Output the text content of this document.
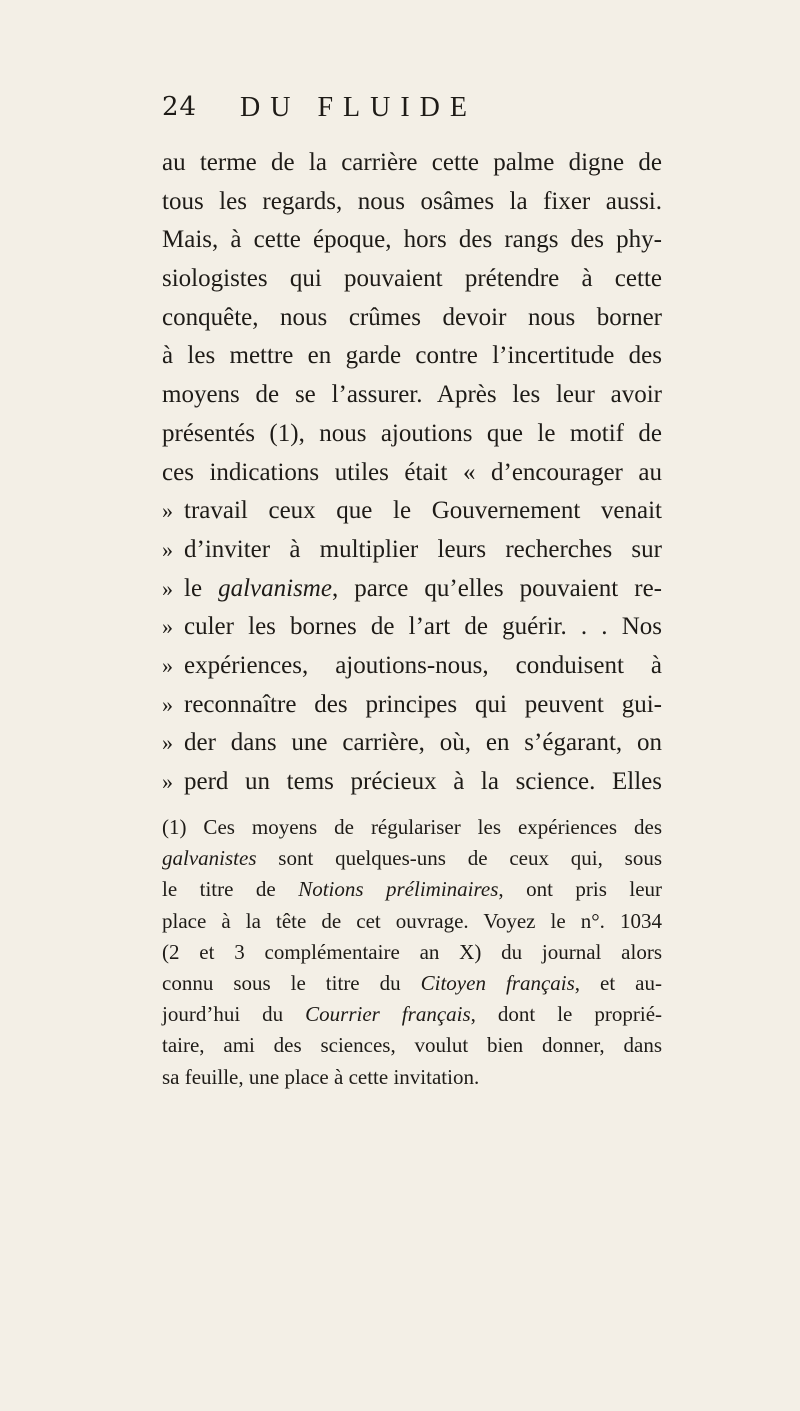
24 DU FLUIDE
au terme de la carrière cette palme digne de
tous les regards, nous osâmes la fixer aussi.
Mais, à cette époque, hors des rangs des phy-
siologistes qui pouvaient prétendre à cette
conquête, nous crûmes devoir nous borner
à les mettre en garde contre l’incertitude des
moyens de se l’assurer. Après les leur avoir
présentés (1), nous ajoutions que le motif de
ces indications utiles était « d’encourager au
» travail ceux que le Gouvernement venait
» d’inviter à multiplier leurs recherches sur
» le galvanisme, parce qu’elles pouvaient re-
» culer les bornes de l’art de guérir. . . Nos
» expériences, ajoutions-nous, conduisent à
» reconnaître des principes qui peuvent gui-
» der dans une carrière, où, en s’égarant, on
» perd un tems précieux à la science. Elles
(1) Ces moyens de régulariser les expériences des
galvanistes sont quelques-uns de ceux qui, sous
le titre de Notions préliminaires, ont pris leur
place à la tête de cet ouvrage. Voyez le n°. 1034
(2 et 3 complémentaire an X) du journal alors
connu sous le titre du Citoyen français, et au-
jourd’hui du Courrier français, dont le proprié-
taire, ami des sciences, voulut bien donner, dans
sa feuille, une place à cette invitation.
